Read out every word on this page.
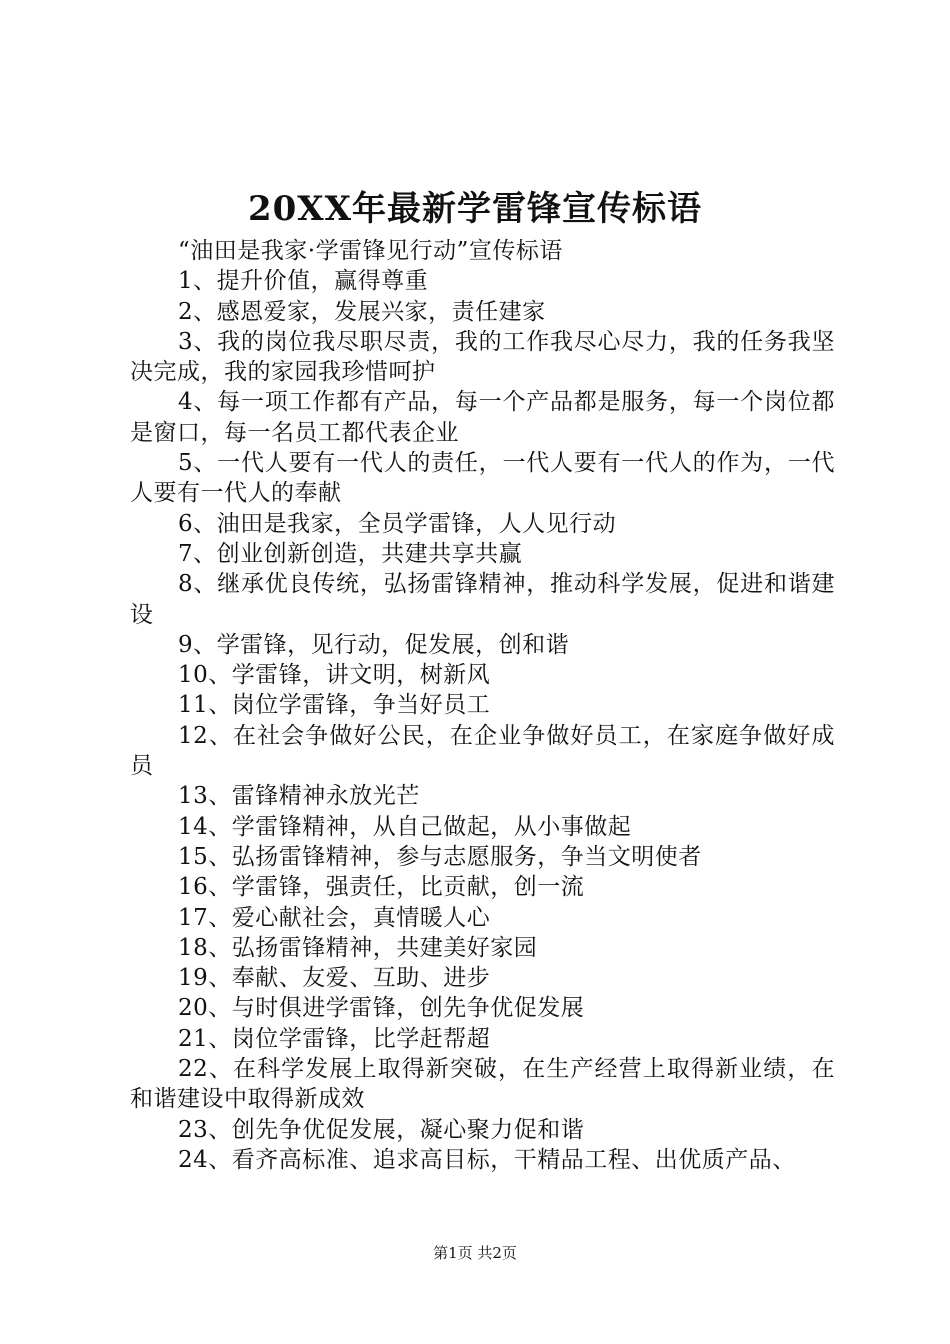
20XX年最新学雷锋宣传标语

“油田是我家·学雷锋见行动”宣传标语

1、提升价值，赢得尊重

2、感恩爱家，发展兴家，责任建家

3、我的岗位我尽职尽责，我的工作我尽心尽力，我的任务我坚决完成，我的家园我珍惜呵护

4、每一项工作都有产品，每一个产品都是服务，每一个岗位都是窗口，每一名员工都代表企业

5、一代人要有一代人的责任，一代人要有一代人的作为，一代人要有一代人的奉献

6、油田是我家，全员学雷锋，人人见行动

7、创业创新创造，共建共享共赢

8、继承优良传统，弘扬雷锋精神，推动科学发展，促进和谐建设

9、学雷锋，见行动，促发展，创和谐

10、学雷锋，讲文明，树新风

11、岗位学雷锋，争当好员工

12、在社会争做好公民，在企业争做好员工，在家庭争做好成员

13、雷锋精神永放光芒

14、学雷锋精神，从自己做起，从小事做起

15、弘扬雷锋精神，参与志愿服务，争当文明使者

16、学雷锋，强责任，比贡献，创一流

17、爱心献社会，真情暖人心

18、弘扬雷锋精神，共建美好家园

19、奉献、友爱、互助、进步

20、与时俱进学雷锋，创先争优促发展

21、岗位学雷锋，比学赶帮超

22、在科学发展上取得新突破，在生产经营上取得新业绩，在和谐建设中取得新成效

23、创先争优促发展，凝心聚力促和谐

24、看齐高标准、追求高目标，干精品工程、出优质产品、

第1页 共2页
